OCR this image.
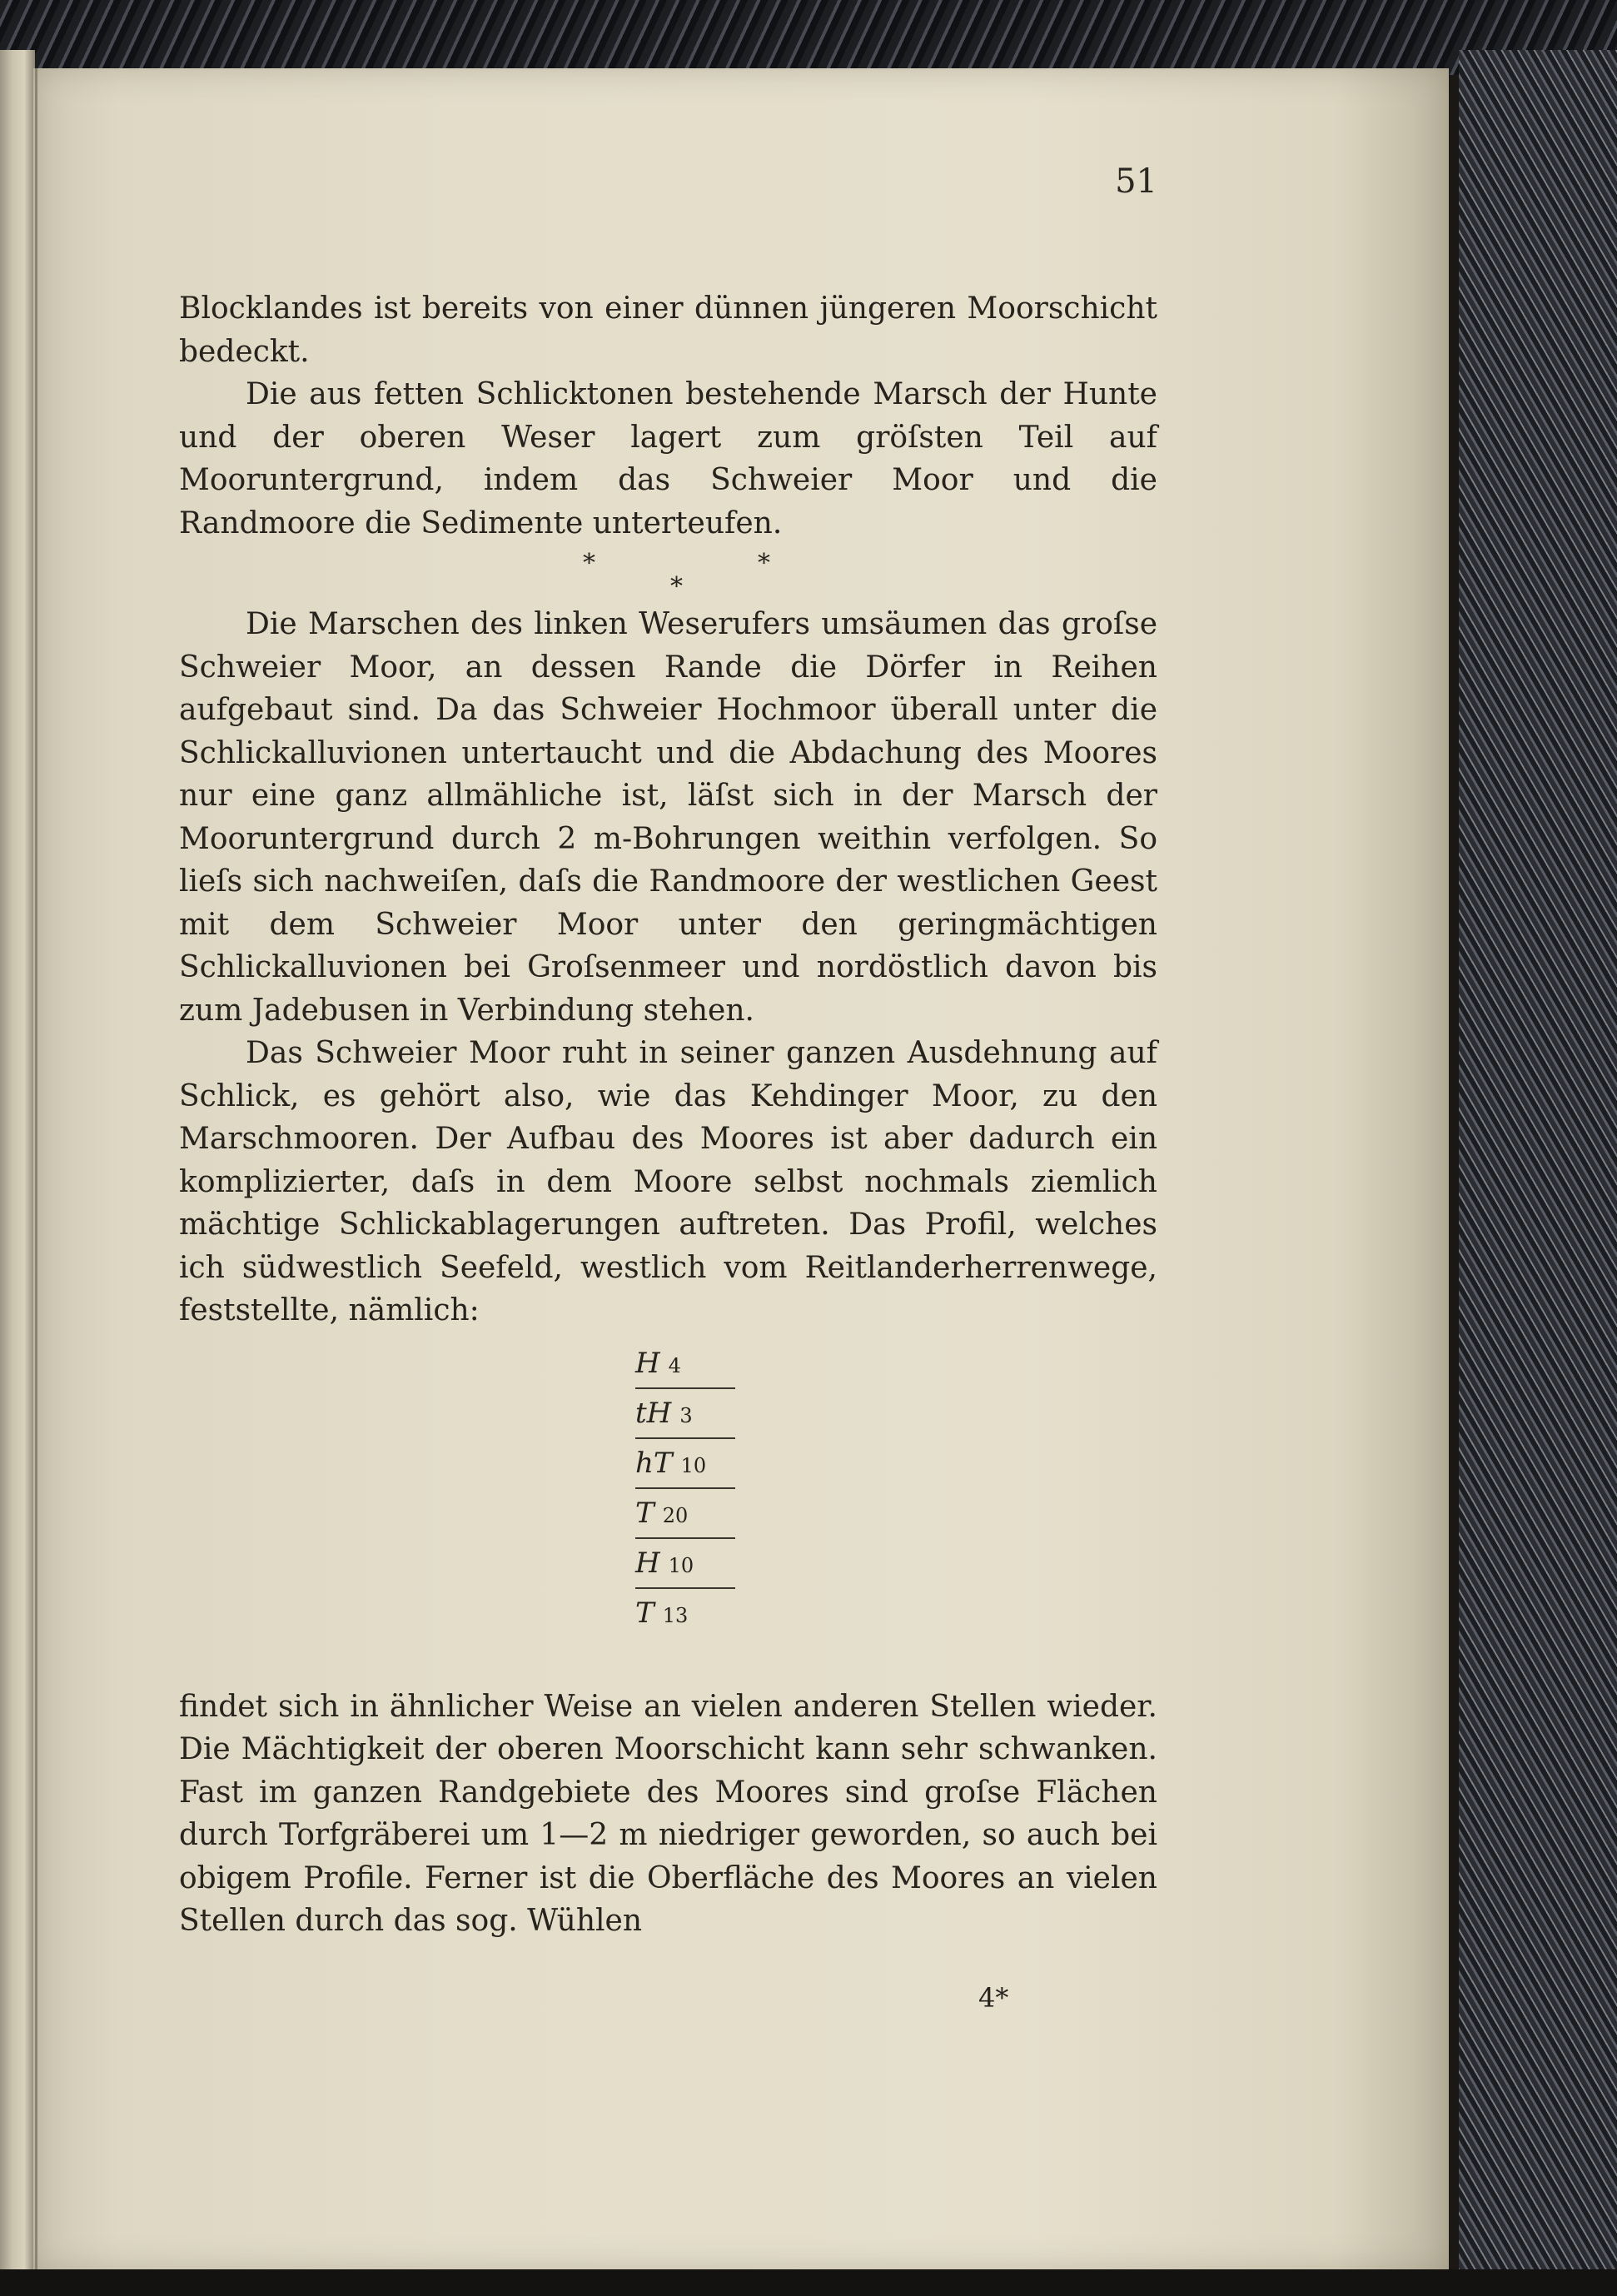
51

Blocklandes ist bereits von einer dünnen jüngeren Moorschicht bedeckt.

Die aus fetten Schlicktonen bestehende Marsch der Hunte und der oberen Weser lagert zum gröſsten Teil auf Mooruntergrund, indem das Schweier Moor und die Randmoore die Sedimente unterteufen.

*
*
*

Die Marschen des linken Weserufers umsäumen das groſse Schweier Moor, an dessen Rande die Dörfer in Reihen aufgebaut sind. Da das Schweier Hochmoor überall unter die Schlickalluvionen untertaucht und die Abdachung des Moores nur eine ganz allmähliche ist, läſst sich in der Marsch der Mooruntergrund durch 2 m-Bohrungen weithin verfolgen. So lieſs sich nachweiſen, daſs die Randmoore der westlichen Geest mit dem Schweier Moor unter den geringmächtigen Schlickalluvionen bei Groſsenmeer und nordöstlich davon bis zum Jadebusen in Verbindung stehen.

Das Schweier Moor ruht in seiner ganzen Ausdehnung auf Schlick, es gehört also, wie das Kehdinger Moor, zu den Marschmooren. Der Aufbau des Moores ist aber dadurch ein komplizierter, daſs in dem Moore selbst nochmals ziemlich mächtige Schlickablagerungen auftreten. Das Profil, welches ich südwestlich Seefeld, westlich vom Reitlanderherrenwege, feststellte, nämlich:

H 4
tH 3
hT 10
T 20
H 10
T 13

findet sich in ähnlicher Weise an vielen anderen Stellen wieder. Die Mächtigkeit der oberen Moorschicht kann sehr schwanken. Fast im ganzen Randgebiete des Moores sind groſse Flächen durch Torfgräberei um 1—2 m niedriger geworden, so auch bei obigem Profile. Ferner ist die Oberfläche des Moores an vielen Stellen durch das sog. Wühlen

4*
